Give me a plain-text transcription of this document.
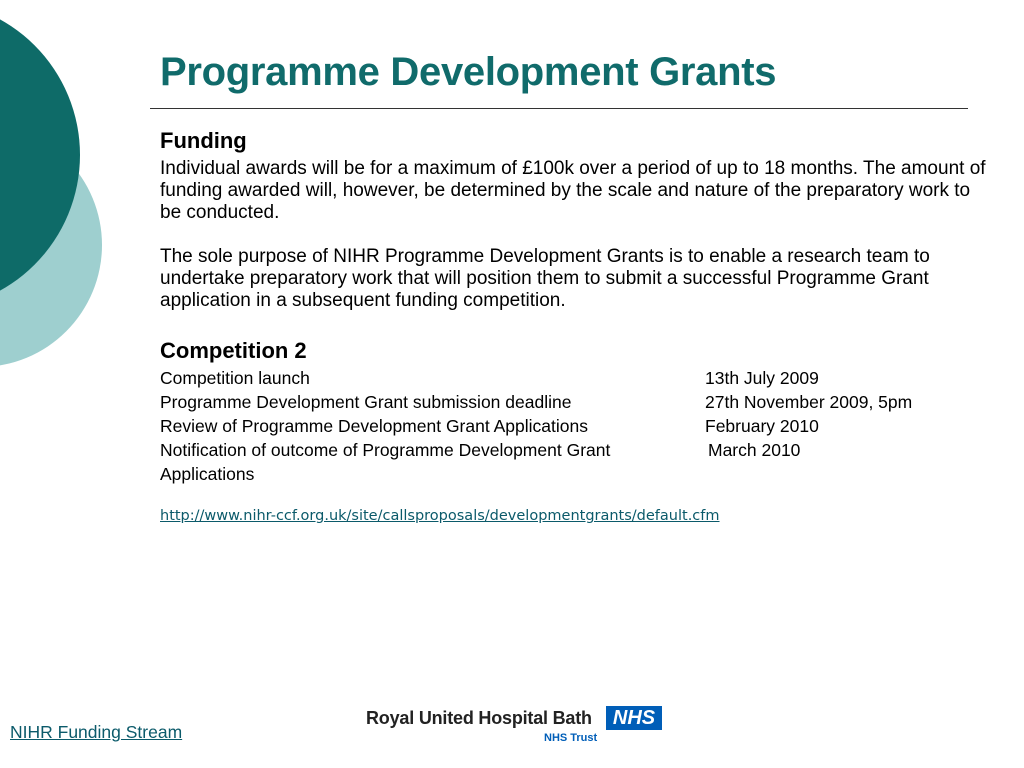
Programme Development Grants
Funding

Individual awards will be for a maximum of £100k over a period of up to 18 months. The amount of funding awarded will, however, be determined by the scale and nature of the preparatory work to be conducted.

The sole purpose of NIHR Programme Development Grants is to enable a research team to undertake preparatory work that will position them to submit a successful Programme Grant application in a subsequent funding competition.

Competition 2
Competition launch	13th July 2009
Programme Development Grant submission deadline	27th November 2009, 5pm
Review of Programme Development Grant Applications	February 2010
Notification of outcome of Programme Development Grant	March 2010
Applications
http://www.nihr-ccf.org.uk/site/callsproposals/developmentgrants/default.cfm
NIHR Funding Stream
Royal United Hospital Bath	NHS
NHS Trust
